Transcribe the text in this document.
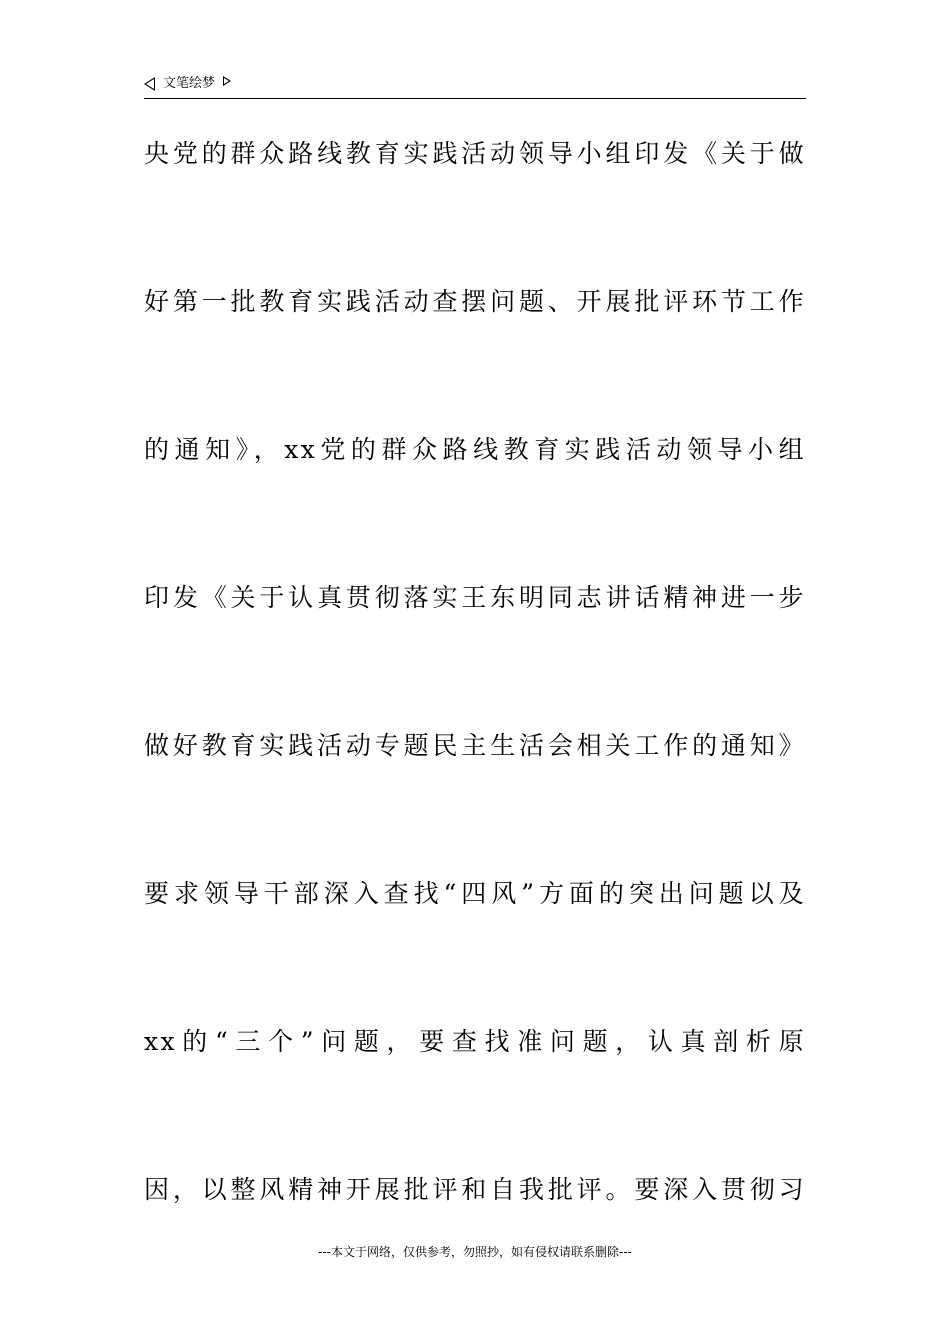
文笔绘梦
央党的群众路线教育实践活动领导小组印发《关于做
好第一批教育实践活动查摆问题、开展批评环节工作
的通知》，xx党的群众路线教育实践活动领导小组
印发《关于认真贯彻落实王东明同志讲话精神进一步
做好教育实践活动专题民主生活会相关工作的通知》
要求领导干部深入查找“四风”方面的突出问题以及
xx的“三个”问题，要查找准问题，认真剖析原
因，以整风精神开展批评和自我批评。要深入贯彻习
---本文于网络，仅供参考，勿照抄，如有侵权请联系删除---
